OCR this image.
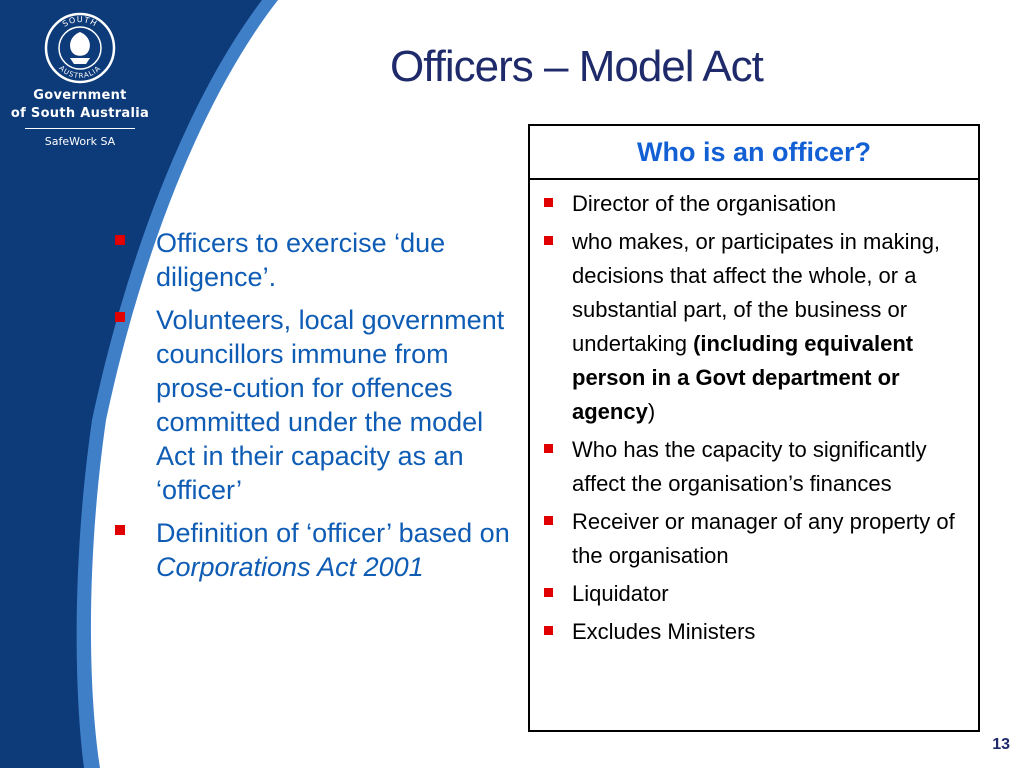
SOUTH
AUSTRALIA
Government
of South Australia
SafeWork SA
Officers – Model Act
Officers to exercise ‘due diligence’.
Volunteers, local government councillors immune from prose-cution for offences committed under the model Act in their capacity as an ‘officer’
Definition of ‘officer’ based on Corporations Act 2001
Who is an officer?
Director of the organisation
who makes, or participates in making, decisions that affect the whole, or a substantial part, of the business or undertaking (including equivalent person in a Govt department or agency)
Who has the capacity to significantly affect the organisation’s finances
Receiver or manager of any property of the organisation
Liquidator
Excludes Ministers
13
